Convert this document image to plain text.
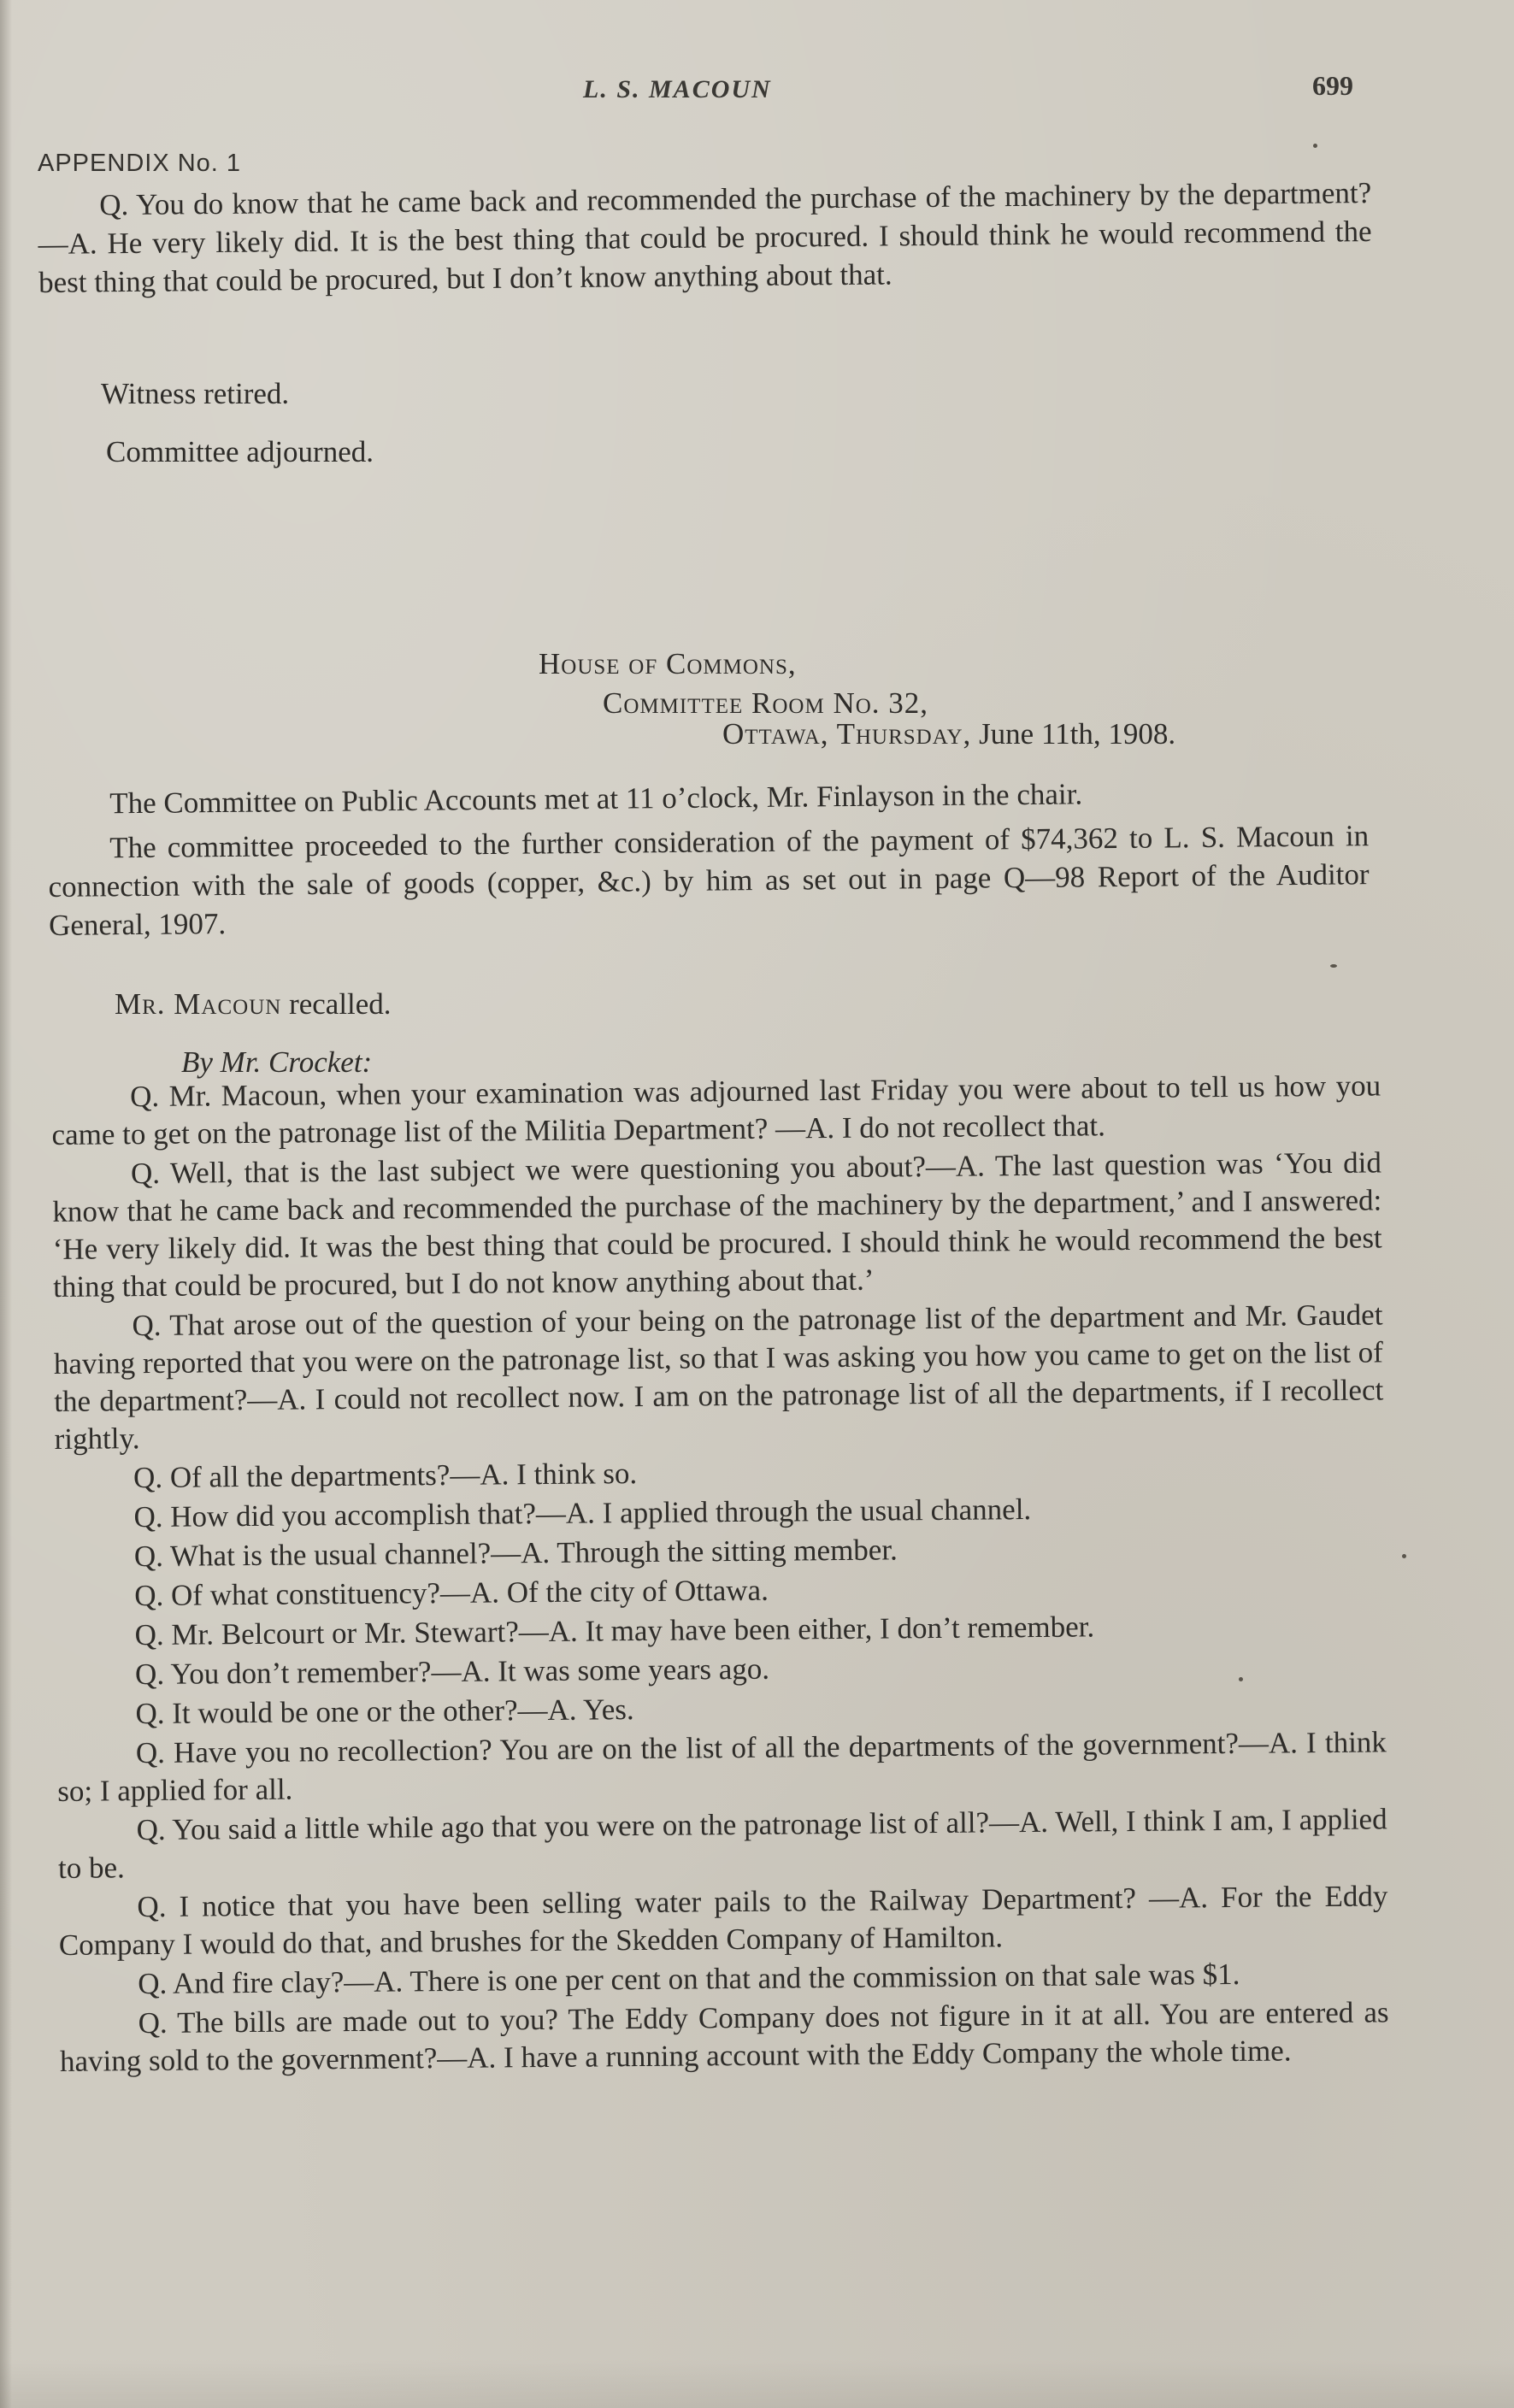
L. S. MACOUN	699
APPENDIX No. 1
Q. You do know that he came back and recommended the purchase of the machinery by the department?—A. He very likely did. It is the best thing that could be procured. I should think he would recommend the best thing that could be procured, but I don’t know anything about that.
Witness retired.
Committee adjourned.
House of Commons,
Committee Room No. 32,
Ottawa, Thursday, June 11th, 1908.
The Committee on Public Accounts met at 11 o’clock, Mr. Finlayson in the chair.
The committee proceeded to the further consideration of the payment of $74,362 to L. S. Macoun in connection with the sale of goods (copper, &c.) by him as set out in page Q—98 Report of the Auditor General, 1907.
Mr. Macoun recalled.
By Mr. Crocket:

Q. Mr. Macoun, when your examination was adjourned last Friday you were about to tell us how you came to get on the patronage list of the Militia Department? —A. I do not recollect that.

Q. Well, that is the last subject we were questioning you about?—A. The last question was ‘You did know that he came back and recommended the purchase of the machinery by the department,’ and I answered: ‘He very likely did. It was the best thing that could be procured. I should think he would recommend the best thing that could be procured, but I do not know anything about that.’

Q. That arose out of the question of your being on the patronage list of the department and Mr. Gaudet having reported that you were on the patronage list, so that I was asking you how you came to get on the list of the department?—A. I could not recollect now. I am on the patronage list of all the departments, if I recollect rightly.

Q. Of all the departments?—A. I think so.

Q. How did you accomplish that?—A. I applied through the usual channel.

Q. What is the usual channel?—A. Through the sitting member.

Q. Of what constituency?—A. Of the city of Ottawa.

Q. Mr. Belcourt or Mr. Stewart?—A. It may have been either, I don’t remember.

Q. You don’t remember?—A. It was some years ago.

Q. It would be one or the other?—A. Yes.

Q. Have you no recollection? You are on the list of all the departments of the government?—A. I think so; I applied for all.

Q. You said a little while ago that you were on the patronage list of all?—A. Well, I think I am, I applied to be.

Q. I notice that you have been selling water pails to the Railway Department? —A. For the Eddy Company I would do that, and brushes for the Skedden Company of Hamilton.

Q. And fire clay?—A. There is one per cent on that and the commission on that sale was $1.

Q. The bills are made out to you? The Eddy Company does not figure in it at all. You are entered as having sold to the government?—A. I have a running account with the Eddy Company the whole time.
